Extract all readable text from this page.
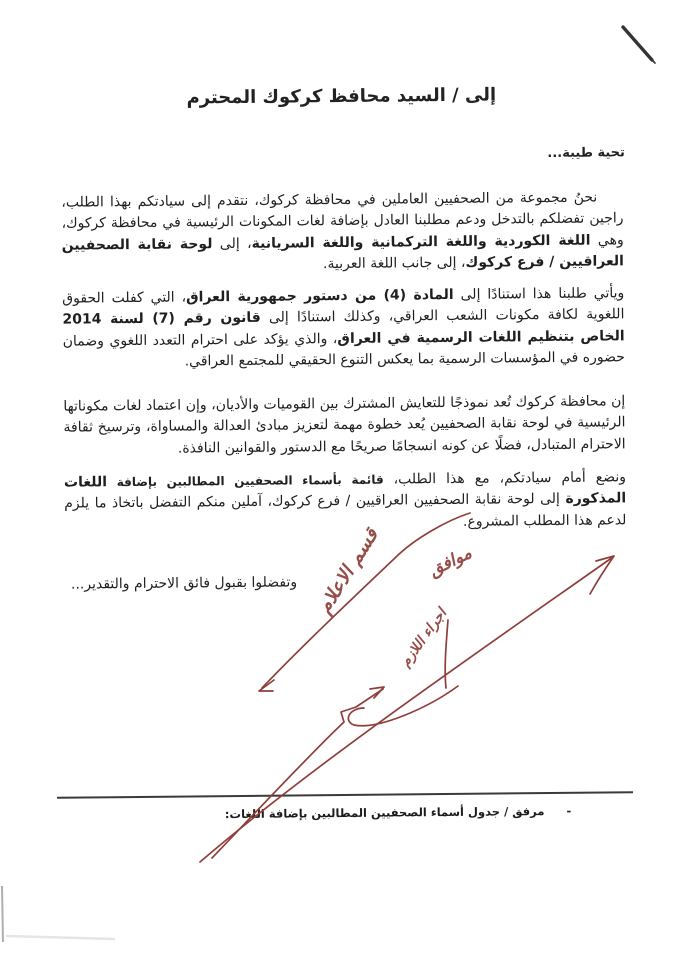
إلى / السيد محافظ كركوك المحترم
تحية طيبة...

نحنُ مجموعة من الصحفيين العاملين في محافظة كركوك، نتقدم إلى سيادتكم بهذا الطلب، راجين تفضلكم بالتدخل ودعم مطلبنا العادل بإضافة لغات المكونات الرئيسية في محافظة كركوك، وهي اللغة الكوردية واللغة التركمانية واللغة السريانية، إلى لوحة نقابة الصحفيين العراقيين / فرع كركوك، إلى جانب اللغة العربية.

ويأتي طلبنا هذا استنادًا إلى المادة (4) من دستور جمهورية العراق، التي كفلت الحقوق اللغوية لكافة مكونات الشعب العراقي، وكذلك استنادًا إلى قانون رقم (7) لسنة 2014 الخاص بتنظيم اللغات الرسمية في العراق، والذي يؤكد على احترام التعدد اللغوي وضمان حضوره في المؤسسات الرسمية بما يعكس التنوع الحقيقي للمجتمع العراقي.

إن محافظة كركوك تُعد نموذجًا للتعايش المشترك بين القوميات والأديان، وإن اعتماد لغات مكوناتها الرئيسية في لوحة نقابة الصحفيين يُعد خطوة مهمة لتعزيز مبادئ العدالة والمساواة، وترسيخ ثقافة الاحترام المتبادل، فضلًا عن كونه انسجامًا صريحًا مع الدستور والقوانين النافذة.

ونضع أمام سيادتكم، مع هذا الطلب، قائمة بأسماء الصحفيين المطالبين بإضافة اللغات المذكورة إلى لوحة نقابة الصحفيين العراقيين / فرع كركوك، آملين منكم التفضل باتخاذ ما يلزم لدعم هذا المطلب المشروع.

وتفضلوا بقبول فائق الاحترام والتقدير...
-مرفق / جدول أسماء الصحفيين المطالبين بإضافة اللغات:
قسم الاعلام	موافق
اجراء اللازم
